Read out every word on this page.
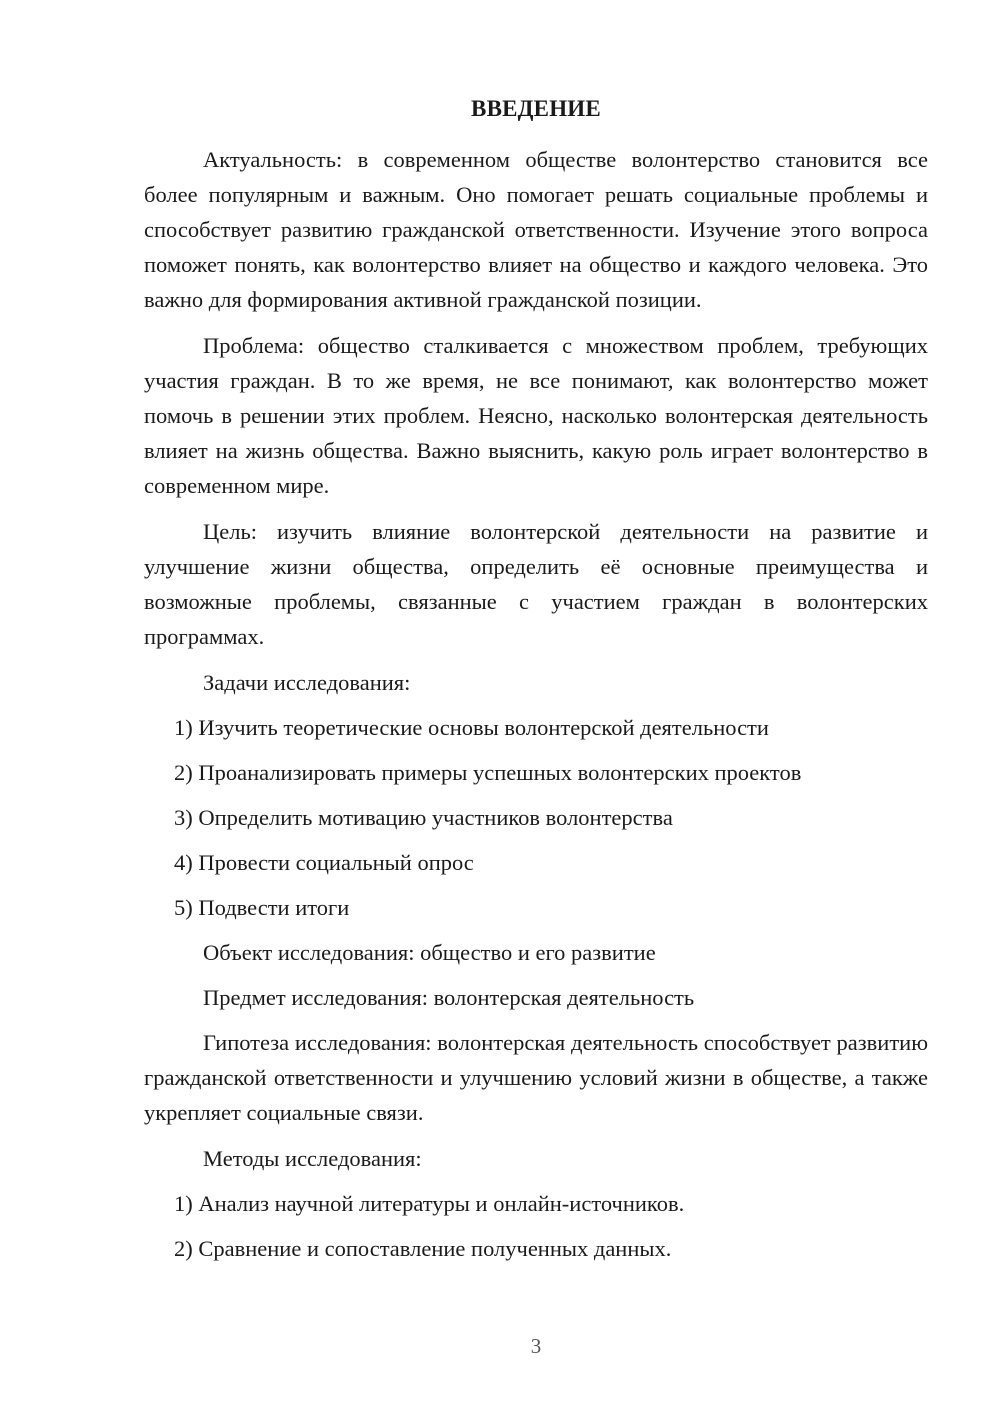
ВВЕДЕНИЕ

Актуальность: в современном обществе волонтерство становится все более популярным и важным. Оно помогает решать социальные проблемы и способствует развитию гражданской ответственности. Изучение этого вопроса поможет понять, как волонтерство влияет на общество и каждого человека. Это важно для формирования активной гражданской позиции.

Проблема: общество сталкивается с множеством проблем, требующих участия граждан. В то же время, не все понимают, как волонтерство может помочь в решении этих проблем. Неясно, насколько волонтерская деятельность влияет на жизнь общества. Важно выяснить, какую роль играет волонтерство в современном мире.

Цель: изучить влияние волонтерской деятельности на развитие и улучшение жизни общества, определить её основные преимущества и возможные проблемы, связанные с участием граждан в волонтерских программах.

Задачи исследования:

1) Изучить теоретические основы волонтерской деятельности

2) Проанализировать примеры успешных волонтерских проектов

3) Определить мотивацию участников волонтерства

4) Провести социальный опрос

5) Подвести итоги

Объект исследования: общество и его развитие

Предмет исследования: волонтерская деятельность

Гипотеза исследования: волонтерская деятельность способствует развитию гражданской ответственности и улучшению условий жизни в обществе, а также укрепляет социальные связи.

Методы исследования:

1) Анализ научной литературы и онлайн-источников.

2) Сравнение и сопоставление полученных данных.

3
